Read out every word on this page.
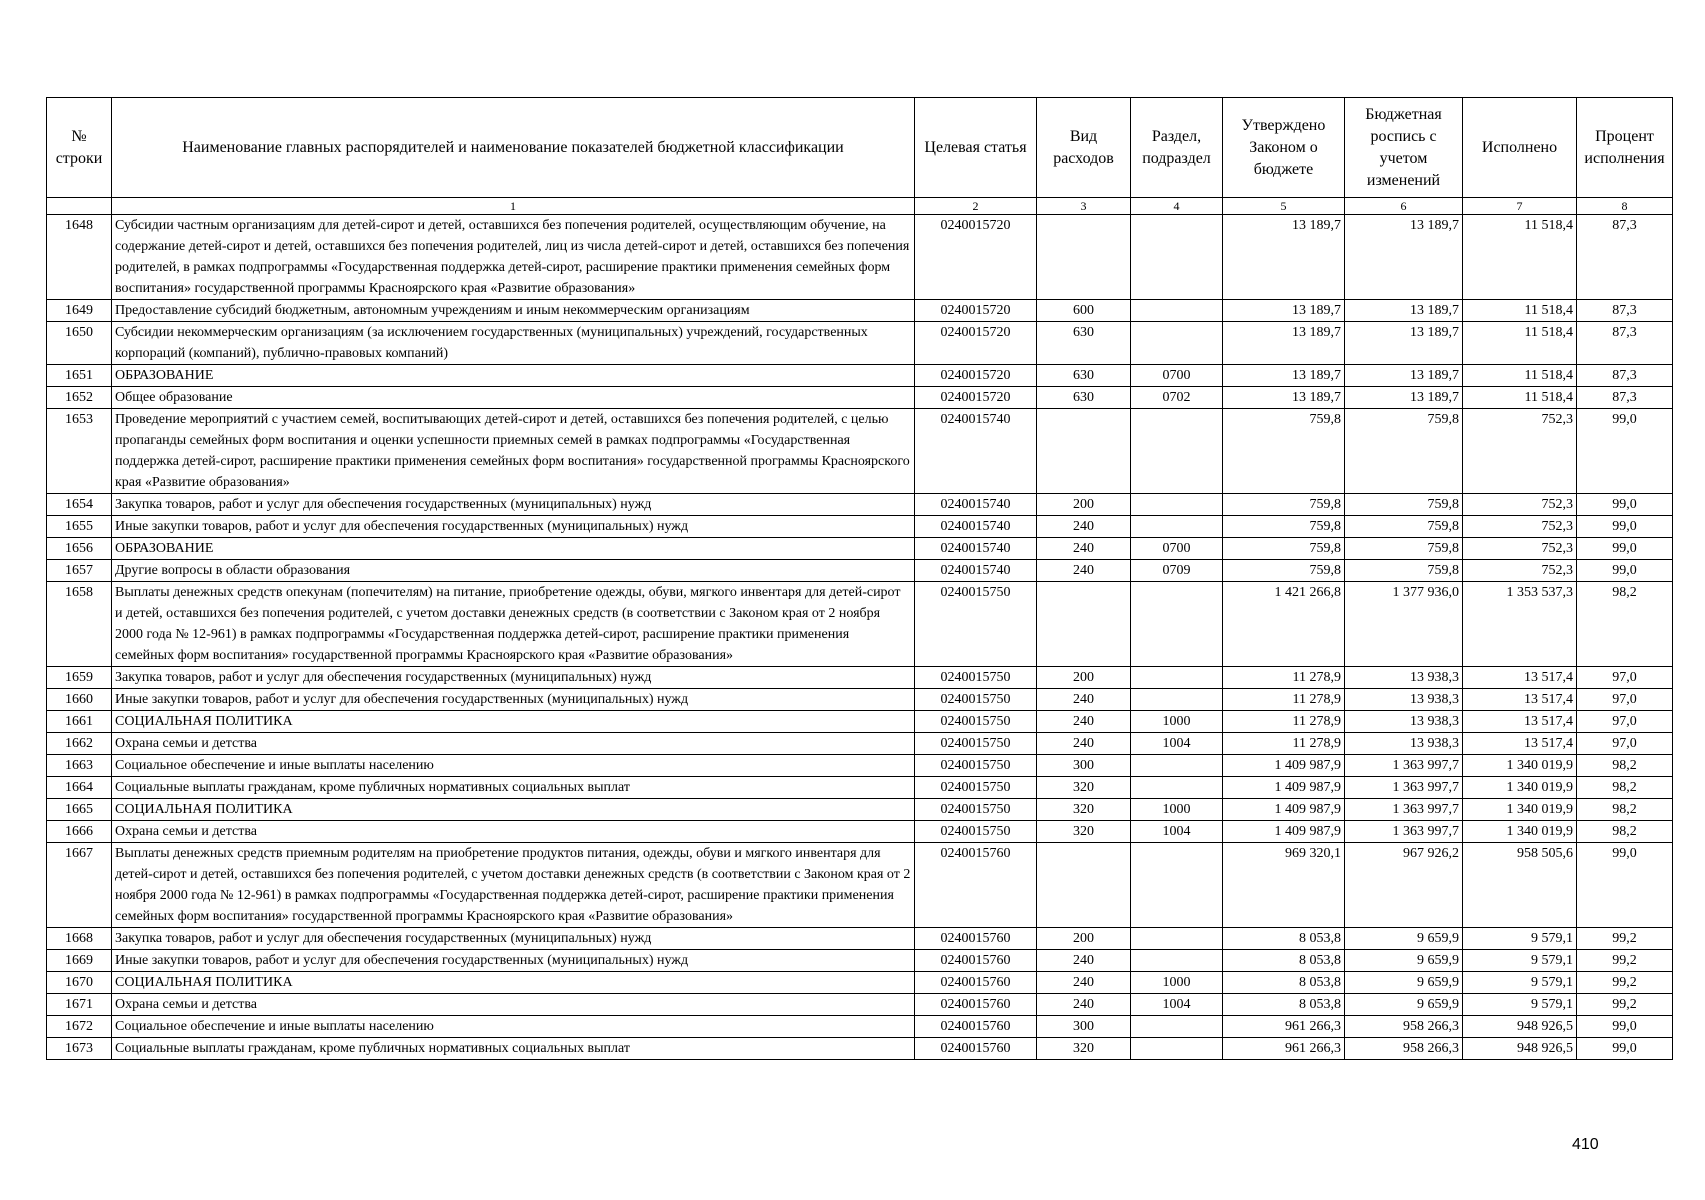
№ строки	Наименование главных распорядителей и наименование показателей бюджетной классификации	Целевая статья	Вид расходов	Раздел, подраздел	Утверждено Законом о бюджете	Бюджетная роспись с учетом изменений	Исполнено	Процент исполнения
	1	2	3	4	5	6	7	8
1648	Субсидии частным организациям для детей-сирот и детей, оставшихся без попечения родителей, осуществляющим обучение, на содержание детей-сирот и детей, оставшихся без попечения родителей, лиц из числа детей-сирот и детей, оставшихся без попечения родителей, в рамках подпрограммы «Государственная поддержка детей-сирот, расширение практики применения семейных форм воспитания» государственной программы Красноярского края «Развитие образования»	0240015720			13 189,7	13 189,7	11 518,4	87,3
1649	Предоставление субсидий бюджетным, автономным учреждениям и иным некоммерческим организациям	0240015720	600		13 189,7	13 189,7	11 518,4	87,3
1650	Субсидии некоммерческим организациям (за исключением государственных (муниципальных) учреждений, государственных корпораций (компаний), публично-правовых компаний)	0240015720	630		13 189,7	13 189,7	11 518,4	87,3
1651	ОБРАЗОВАНИЕ	0240015720	630	0700	13 189,7	13 189,7	11 518,4	87,3
1652	Общее образование	0240015720	630	0702	13 189,7	13 189,7	11 518,4	87,3
1653	Проведение мероприятий с участием семей, воспитывающих детей-сирот и детей, оставшихся без попечения родителей, с целью пропаганды семейных форм воспитания и оценки успешности приемных семей в рамках подпрограммы «Государственная поддержка детей-сирот, расширение практики применения семейных форм воспитания» государственной программы Красноярского края «Развитие образования»	0240015740			759,8	759,8	752,3	99,0
1654	Закупка товаров, работ и услуг для обеспечения государственных (муниципальных) нужд	0240015740	200		759,8	759,8	752,3	99,0
1655	Иные закупки товаров, работ и услуг для обеспечения государственных (муниципальных) нужд	0240015740	240		759,8	759,8	752,3	99,0
1656	ОБРАЗОВАНИЕ	0240015740	240	0700	759,8	759,8	752,3	99,0
1657	Другие вопросы в области образования	0240015740	240	0709	759,8	759,8	752,3	99,0
1658	Выплаты денежных средств опекунам (попечителям) на питание, приобретение одежды, обуви, мягкого инвентаря для детей-сирот и детей, оставшихся без попечения родителей, с учетом доставки денежных средств (в соответствии с Законом края от 2 ноября 2000 года № 12-961) в рамках подпрограммы «Государственная поддержка детей-сирот, расширение практики применения семейных форм воспитания» государственной программы Красноярского края «Развитие образования»	0240015750			1 421 266,8	1 377 936,0	1 353 537,3	98,2
1659	Закупка товаров, работ и услуг для обеспечения государственных (муниципальных) нужд	0240015750	200		11 278,9	13 938,3	13 517,4	97,0
1660	Иные закупки товаров, работ и услуг для обеспечения государственных (муниципальных) нужд	0240015750	240		11 278,9	13 938,3	13 517,4	97,0
1661	СОЦИАЛЬНАЯ ПОЛИТИКА	0240015750	240	1000	11 278,9	13 938,3	13 517,4	97,0
1662	Охрана семьи и детства	0240015750	240	1004	11 278,9	13 938,3	13 517,4	97,0
1663	Социальное обеспечение и иные выплаты населению	0240015750	300		1 409 987,9	1 363 997,7	1 340 019,9	98,2
1664	Социальные выплаты гражданам, кроме публичных нормативных социальных выплат	0240015750	320		1 409 987,9	1 363 997,7	1 340 019,9	98,2
1665	СОЦИАЛЬНАЯ ПОЛИТИКА	0240015750	320	1000	1 409 987,9	1 363 997,7	1 340 019,9	98,2
1666	Охрана семьи и детства	0240015750	320	1004	1 409 987,9	1 363 997,7	1 340 019,9	98,2
1667	Выплаты денежных средств приемным родителям на приобретение продуктов питания, одежды, обуви и мягкого инвентаря для детей-сирот и детей, оставшихся без попечения родителей, с учетом доставки денежных средств (в соответствии с Законом края от 2 ноября 2000 года № 12-961) в рамках подпрограммы «Государственная поддержка детей-сирот, расширение практики применения семейных форм воспитания» государственной программы Красноярского края «Развитие образования»	0240015760			969 320,1	967 926,2	958 505,6	99,0
1668	Закупка товаров, работ и услуг для обеспечения государственных (муниципальных) нужд	0240015760	200		8 053,8	9 659,9	9 579,1	99,2
1669	Иные закупки товаров, работ и услуг для обеспечения государственных (муниципальных) нужд	0240015760	240		8 053,8	9 659,9	9 579,1	99,2
1670	СОЦИАЛЬНАЯ ПОЛИТИКА	0240015760	240	1000	8 053,8	9 659,9	9 579,1	99,2
1671	Охрана семьи и детства	0240015760	240	1004	8 053,8	9 659,9	9 579,1	99,2
1672	Социальное обеспечение и иные выплаты населению	0240015760	300		961 266,3	958 266,3	948 926,5	99,0
1673	Социальные выплаты гражданам, кроме публичных нормативных социальных выплат	0240015760	320		961 266,3	958 266,3	948 926,5	99,0
410
